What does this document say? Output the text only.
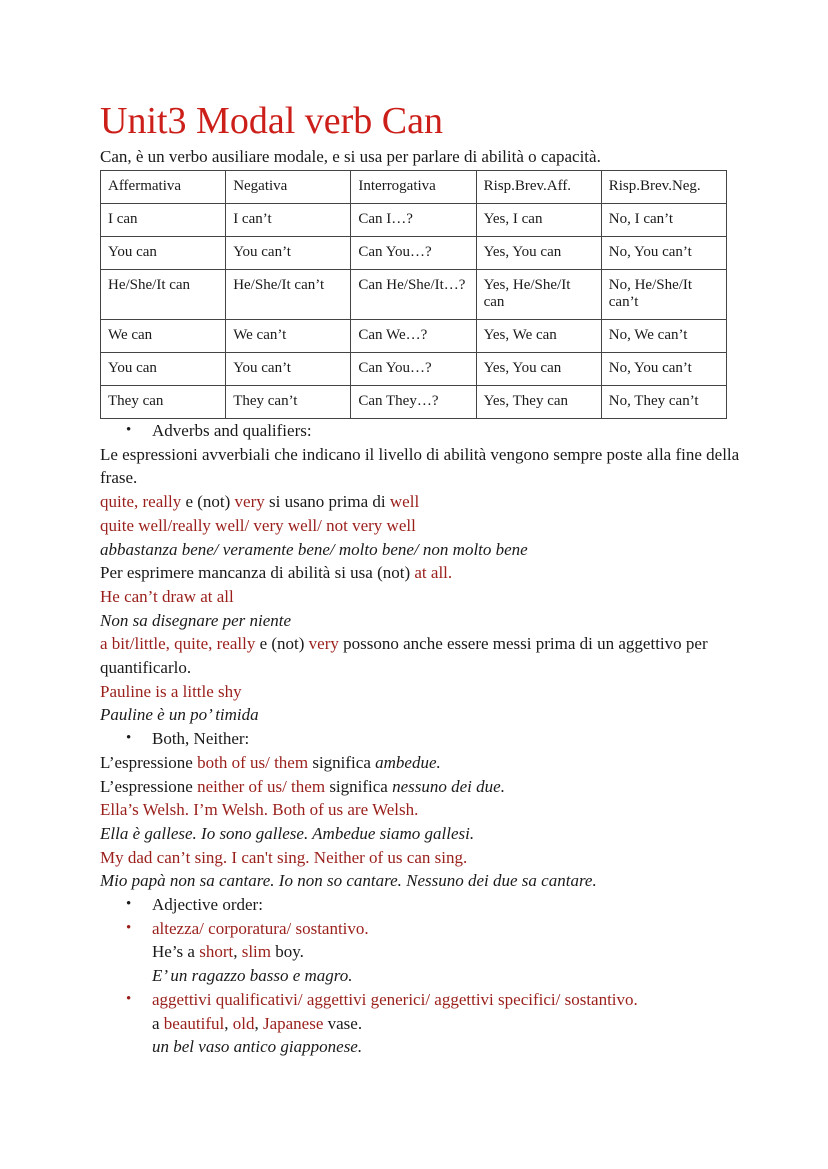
Unit3 Modal verb Can

Can, è un verbo ausiliare modale, e si usa per parlare di abilità o capacità.

Affermativa	Negativa	Interrogativa	Risp.Brev.Aff.	Risp.Brev.Neg.
I can	I can’t	Can I…?	Yes, I can	No, I can’t
You can	You can’t	Can You…?	Yes, You can	No, You can’t
He/She/It can	He/She/It can’t	Can He/She/It…?	Yes, He/She/It can	No, He/She/It can’t
We can	We can’t	Can We…?	Yes, We can	No, We can’t
You can	You can’t	Can You…?	Yes, You can	No, You can’t
They can	They can’t	Can They…?	Yes, They can	No, They can’t

• Adverbs and qualifiers:

Le espressioni avverbiali che indicano il livello di abilità vengono sempre poste alla fine della frase.

quite, really e (not) very si usano prima di well

quite well/really well/ very well/ not very well

abbastanza bene/ veramente bene/ molto bene/ non molto bene

Per esprimere mancanza di abilità si usa (not) at all.

He can’t draw at all

Non sa disegnare per niente

a bit/little, quite, really e (not) very possono anche essere messi prima di un aggettivo per quantificarlo.

Pauline is a little shy

Pauline è un po’ timida

• Both, Neither:

L’espressione both of us/ them significa ambedue.

L’espressione neither of us/ them significa nessuno dei due.

Ella’s Welsh. I’m Welsh. Both of us are Welsh.

Ella è gallese. Io sono gallese. Ambedue siamo gallesi.

My dad can’t sing. I can't sing. Neither of us can sing.

Mio papà non sa cantare. Io non so cantare. Nessuno dei due sa cantare.

• Adjective order:

• altezza/ corporatura/ sostantivo.

He’s a short, slim boy.

E’ un ragazzo basso e magro.

• aggettivi qualificativi/ aggettivi generici/ aggettivi specifici/ sostantivo.

a beautiful, old, Japanese vase.

un bel vaso antico giapponese.
